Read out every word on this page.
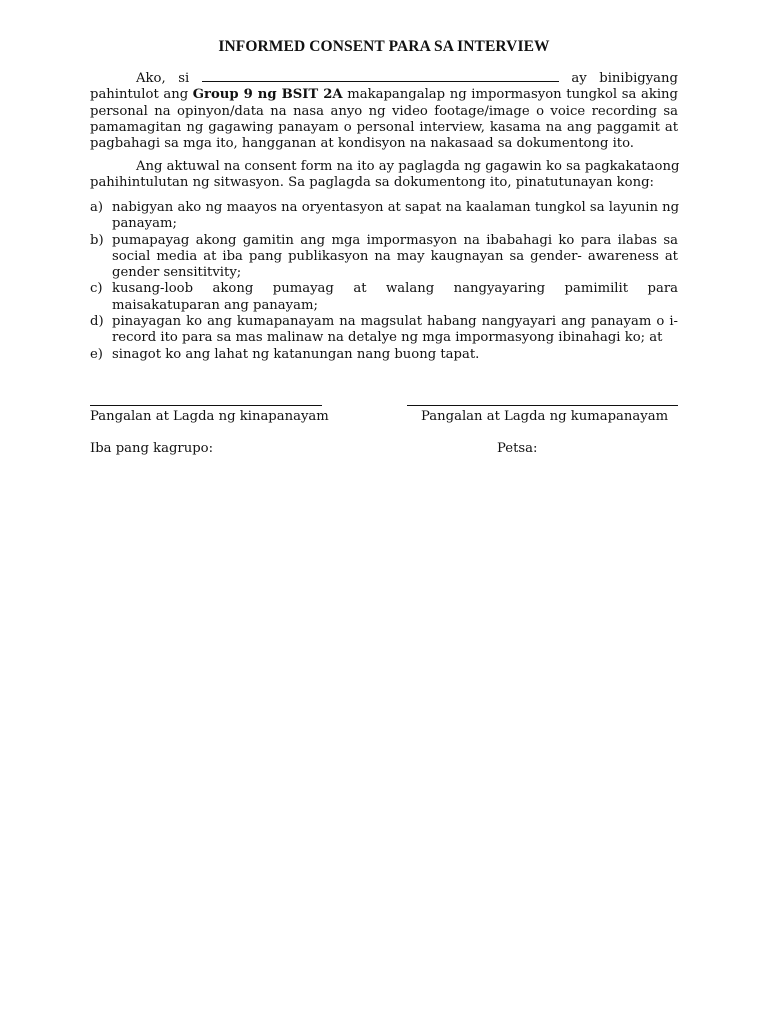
INFORMED CONSENT PARA SA INTERVIEW
Ako, si	ay binibigyang
pahintulot ang Group 9 ng BSIT 2A makapangalap ng impormasyon tungkol sa aking
personal na opinyon/data na nasa anyo ng video footage/image o voice recording sa
pamamagitan ng gagawing panayam o personal interview, kasama na ang paggamit at
pagbahagi sa mga ito, hangganan at kondisyon na nakasaad sa dokumentong ito.
Ang aktuwal na consent form na ito ay paglagda ng gagawin ko sa pagkakataong
pahihintulutan ng sitwasyon. Sa paglagda sa dokumentong ito, pinatutunayan kong:
a) nabigyan ako ng maayos na oryentasyon at sapat na kaalaman tungkol sa layunin ng
panayam;
b) pumapayag akong gamitin ang mga impormasyon na ibabahagi ko para ilabas sa
social media at iba pang publikasyon na may kaugnayan sa gender- awareness at
gender sensititvity;
c) kusang-loob akong pumayag at walang nangyayaring pamimilit para
maisakatuparan ang panayam;
d) pinayagan ko ang kumapanayam na magsulat habang nangyayari ang panayam o i-
record ito para sa mas malinaw na detalye ng mga impormasyong ibinahagi ko; at
e) sinagot ko ang lahat ng katanungan nang buong tapat.
Pangalan at Lagda ng kinapanayam	Pangalan at Lagda ng kumapanayam
Iba pang kagrupo:	Petsa:
